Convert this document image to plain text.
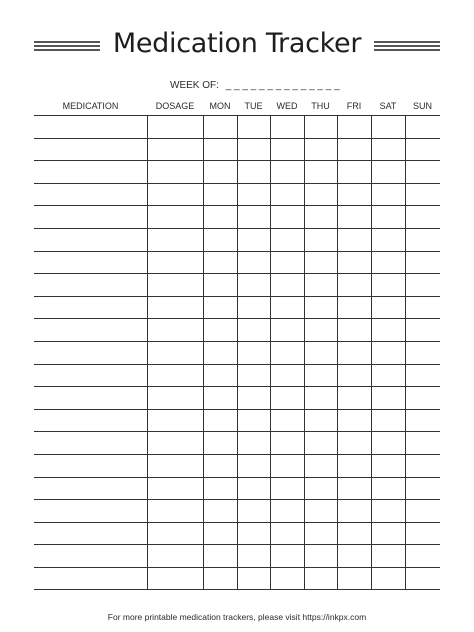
Medication Tracker
WEEK OF: _ _ _ _ _ _ _ _ _ _ _ _ _ _
MEDICATION	DOSAGE	MON	TUE	WED	THU	FRI	SAT	SUN

For more printable medication trackers, please visit https://inkpx.com
